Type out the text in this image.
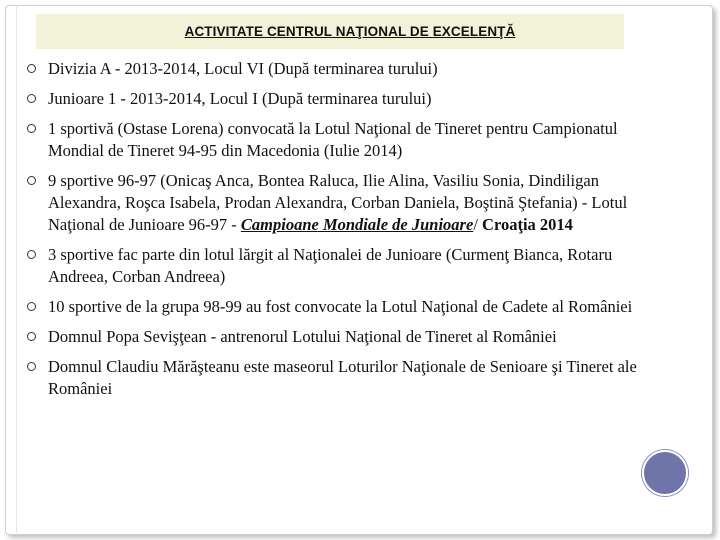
ACTIVITATE CENTRUL NAŢIONAL DE EXCELENŢĂ
Divizia A - 2013-2014, Locul VI (După terminarea turului)
Junioare 1 - 2013-2014, Locul I (După terminarea turului)
1 sportivă (Ostase Lorena) convocată la Lotul Naţional de Tineret pentru Campionatul Mondial de Tineret 94-95 din Macedonia (Iulie 2014)
9 sportive 96-97 (Onicaş Anca, Bontea Raluca, Ilie Alina, Vasiliu Sonia, Dindiligan Alexandra, Roşca Isabela, Prodan Alexandra, Corban Daniela, Boştină Ştefania) - Lotul Naţional de Junioare 96-97 - Campioane Mondiale de Junioare/ Croaţia 2014
3 sportive fac parte din lotul lărgit al Naţionalei de Junioare (Curmenţ Bianca, Rotaru Andreea, Corban Andreea)
10 sportive de la grupa 98-99 au fost convocate la Lotul Naţional de Cadete al României
Domnul Popa Sevişţean - antrenorul Lotului Naţional de Tineret al României
Domnul Claudiu Mărăşteanu este maseorul Loturilor Naţionale de Senioare şi Tineret ale României
